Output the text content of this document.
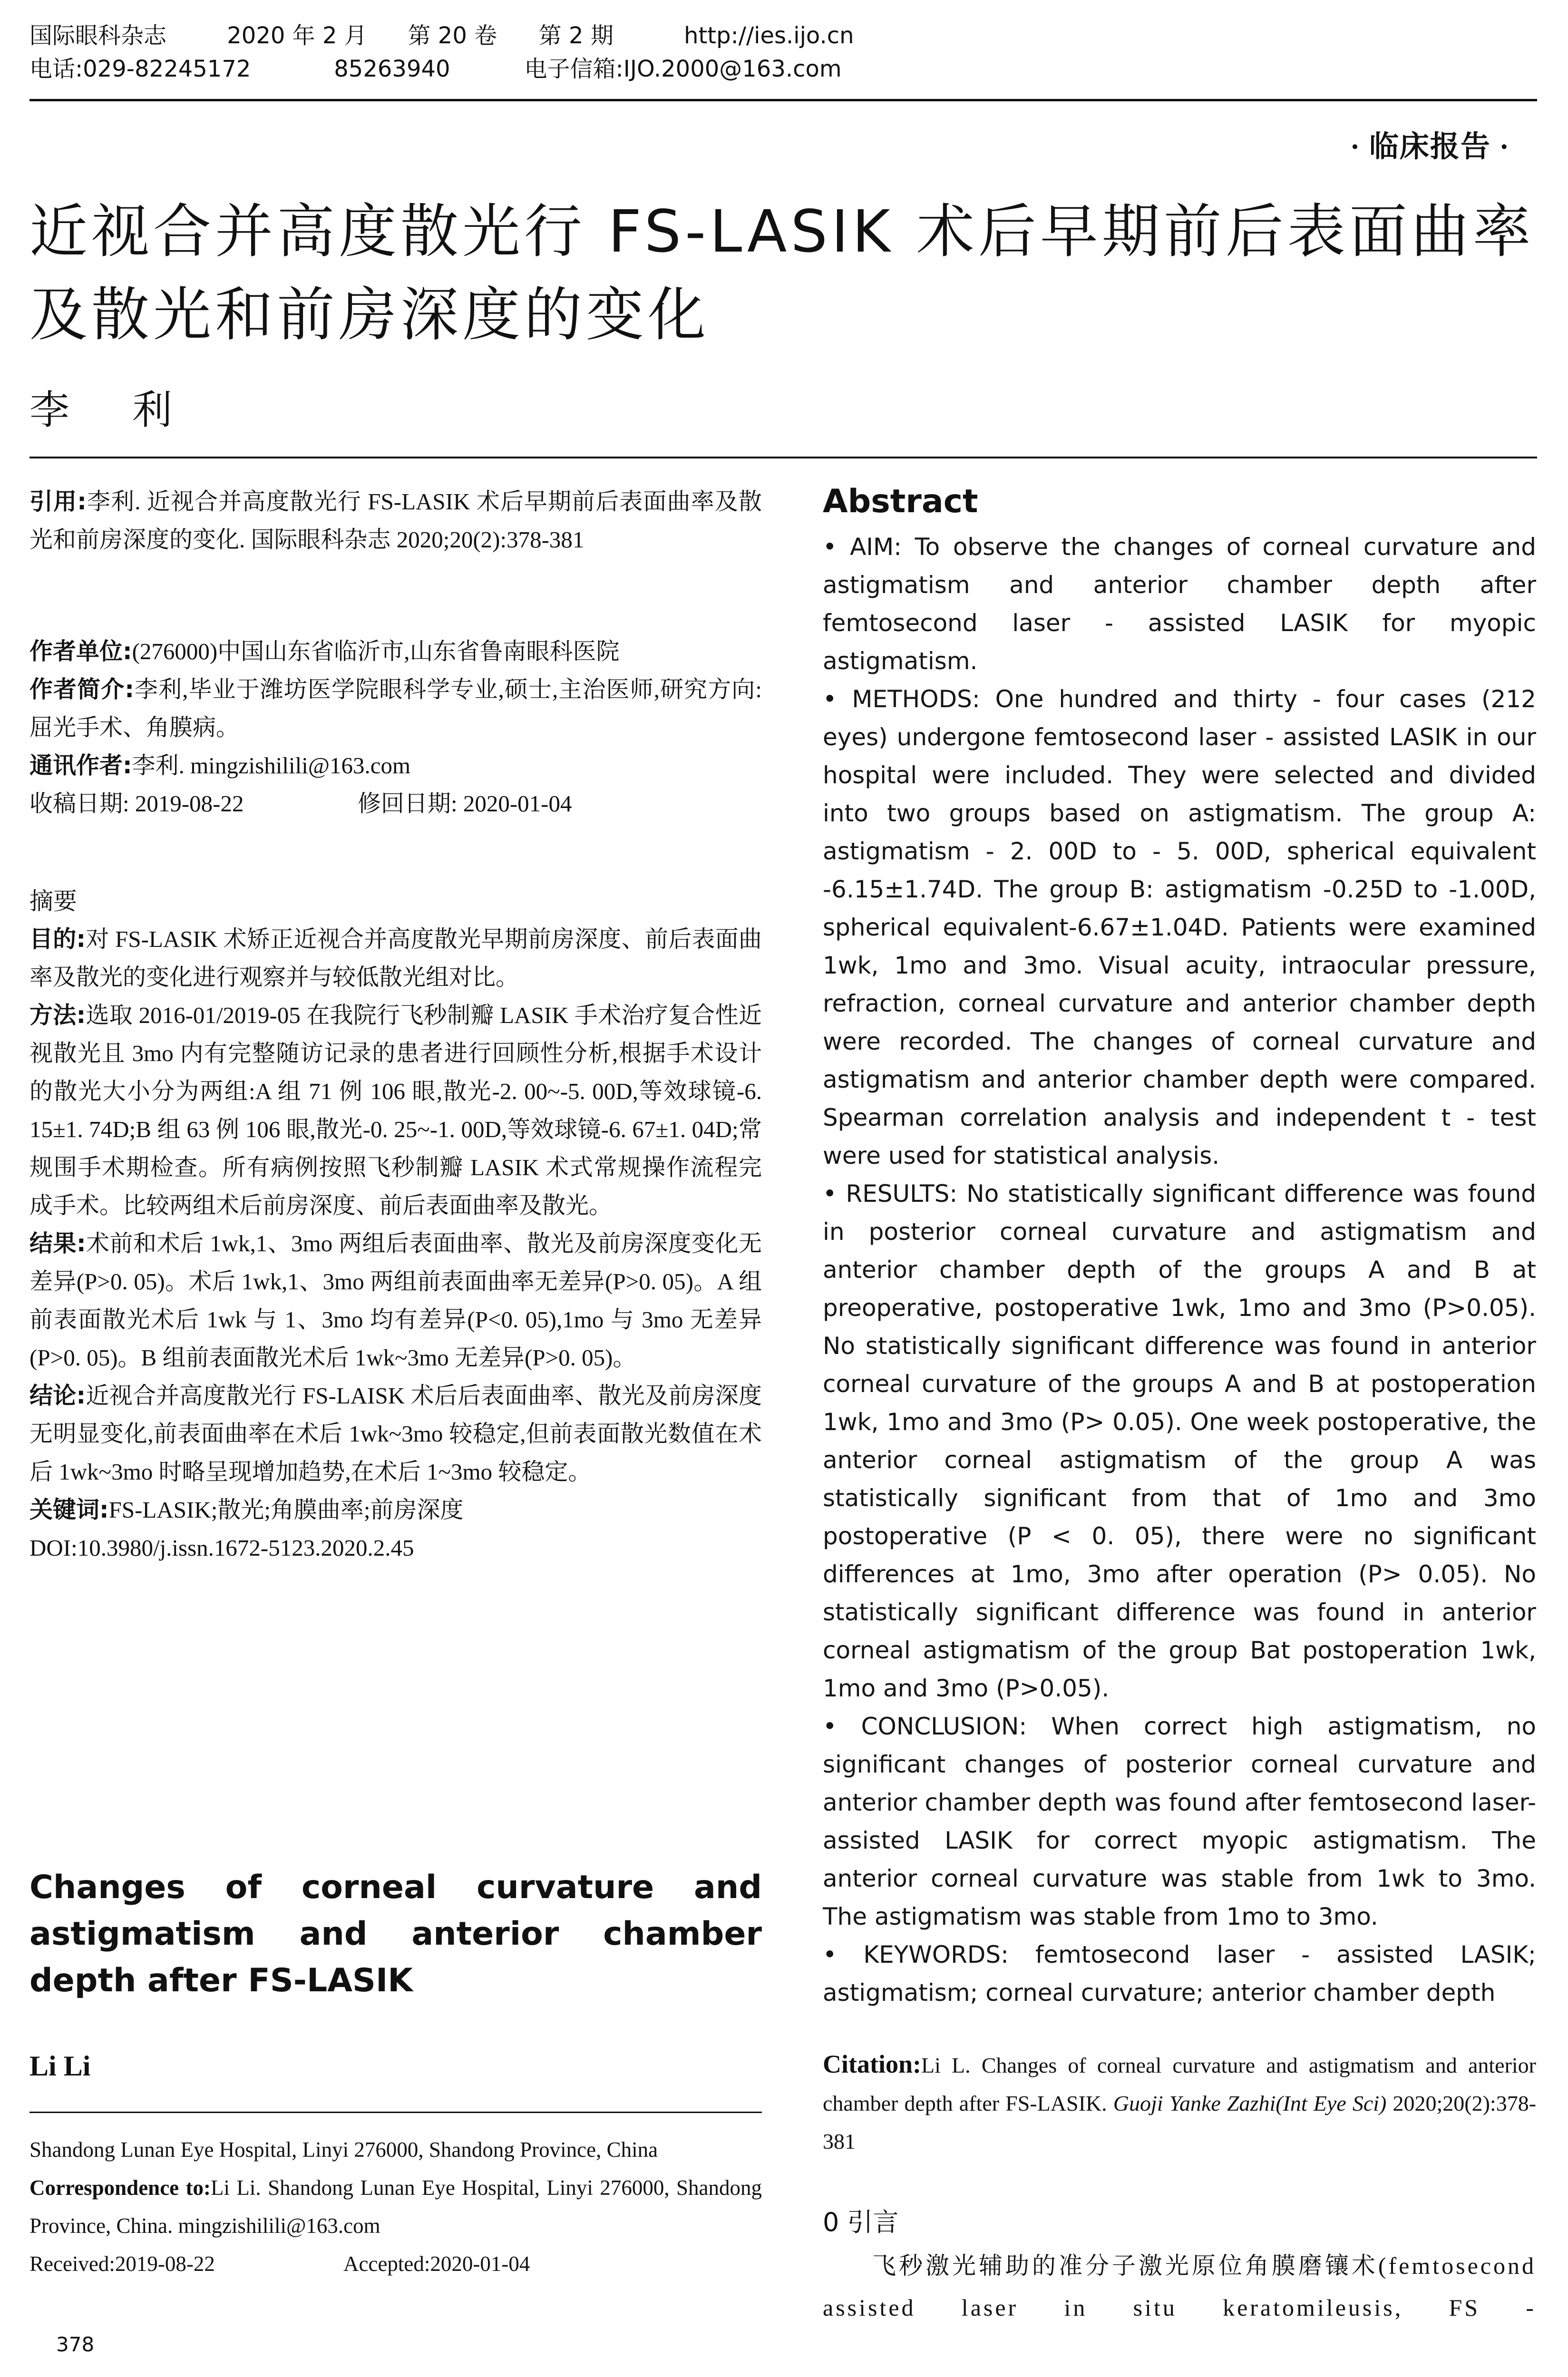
国际眼科杂志	2020 年 2 月 第 20 卷 第 2 期	http://ies.ijo.cn
电话:029-82245172	85263940	电子信箱:IJO.2000@163.com
· 临床报告 ·
近视合并高度散光行 FS-LASIK 术后早期前后表面曲率及散光和前房深度的变化
李　利

引用:李利. 近视合并高度散光行 FS-LASIK 术后早期前后表面曲率及散光和前房深度的变化. 国际眼科杂志 2020;20(2):378-381

作者单位:(276000)中国山东省临沂市,山东省鲁南眼科医院

作者简介:李利,毕业于潍坊医学院眼科学专业,硕士,主治医师,研究方向:屈光手术、角膜病。

通讯作者:李利. mingzishilili@163.com

收稿日期: 2019-08-22	修回日期: 2020-01-04

摘要

目的:对 FS-LASIK 术矫正近视合并高度散光早期前房深度、前后表面曲率及散光的变化进行观察并与较低散光组对比。

方法:选取 2016-01/2019-05 在我院行飞秒制瓣 LASIK 手术治疗复合性近视散光且 3mo 内有完整随访记录的患者进行回顾性分析,根据手术设计的散光大小分为两组:A 组 71 例 106 眼,散光-2. 00~-5. 00D,等效球镜-6. 15±1. 74D;B 组 63 例 106 眼,散光-0. 25~-1. 00D,等效球镜-6. 67±1. 04D;常规围手术期检查。所有病例按照飞秒制瓣 LASIK 术式常规操作流程完成手术。比较两组术后前房深度、前后表面曲率及散光。

结果:术前和术后 1wk,1、3mo 两组后表面曲率、散光及前房深度变化无差异(P>0. 05)。术后 1wk,1、3mo 两组前表面曲率无差异(P>0. 05)。A 组前表面散光术后 1wk 与 1、3mo 均有差异(P<0. 05),1mo 与 3mo 无差异(P>0. 05)。B 组前表面散光术后 1wk~3mo 无差异(P>0. 05)。

结论:近视合并高度散光行 FS-LAISK 术后后表面曲率、散光及前房深度无明显变化,前表面曲率在术后 1wk~3mo 较稳定,但前表面散光数值在术后 1wk~3mo 时略呈现增加趋势,在术后 1~3mo 较稳定。

关键词:FS-LASIK;散光;角膜曲率;前房深度

DOI:10.3980/j.issn.1672-5123.2020.2.45

Changes of corneal curvature and astigmatism and anterior chamber depth after FS-LASIK
Li Li

Shandong Lunan Eye Hospital, Linyi 276000, Shandong Province, China

Correspondence to:Li Li. Shandong Lunan Eye Hospital, Linyi 276000, Shandong Province, China. mingzishilili@163.com

Received:2019-08-22	Accepted:2020-01-04

378
Abstract

• AIM: To observe the changes of corneal curvature and astigmatism and anterior chamber depth after femtosecond laser - assisted LASIK for myopic astigmatism.

• METHODS: One hundred and thirty - four cases (212 eyes) undergone femtosecond laser - assisted LASIK in our hospital were included. They were selected and divided into two groups based on astigmatism. The group A: astigmatism - 2. 00D to - 5. 00D, spherical equivalent -6.15±1.74D. The group B: astigmatism -0.25D to -1.00D, spherical equivalent-6.67±1.04D. Patients were examined 1wk, 1mo and 3mo. Visual acuity, intraocular pressure, refraction, corneal curvature and anterior chamber depth were recorded. The changes of corneal curvature and astigmatism and anterior chamber depth were compared. Spearman correlation analysis and independent t - test were used for statistical analysis.

• RESULTS: No statistically significant difference was found in posterior corneal curvature and astigmatism and anterior chamber depth of the groups A and B at preoperative, postoperative 1wk, 1mo and 3mo (P>0.05). No statistically significant difference was found in anterior corneal curvature of the groups A and B at postoperation 1wk, 1mo and 3mo (P> 0.05). One week postoperative, the anterior corneal astigmatism of the group A was statistically significant from that of 1mo and 3mo postoperative (P < 0. 05), there were no significant differences at 1mo, 3mo after operation (P> 0.05). No statistically significant difference was found in anterior corneal astigmatism of the group Bat postoperation 1wk, 1mo and 3mo (P>0.05).

• CONCLUSION: When correct high astigmatism, no significant changes of posterior corneal curvature and anterior chamber depth was found after femtosecond laser-assisted LASIK for correct myopic astigmatism. The anterior corneal curvature was stable from 1wk to 3mo. The astigmatism was stable from 1mo to 3mo.

• KEYWORDS: femtosecond laser - assisted LASIK; astigmatism; corneal curvature; anterior chamber depth

Citation:Li L. Changes of corneal curvature and astigmatism and anterior chamber depth after FS-LASIK. Guoji Yanke Zazhi(Int Eye Sci) 2020;20(2):378-381
0 引言
飞秒激光辅助的准分子激光原位角膜磨镶术(femtosecond assisted laser in situ keratomileusis, FS -
